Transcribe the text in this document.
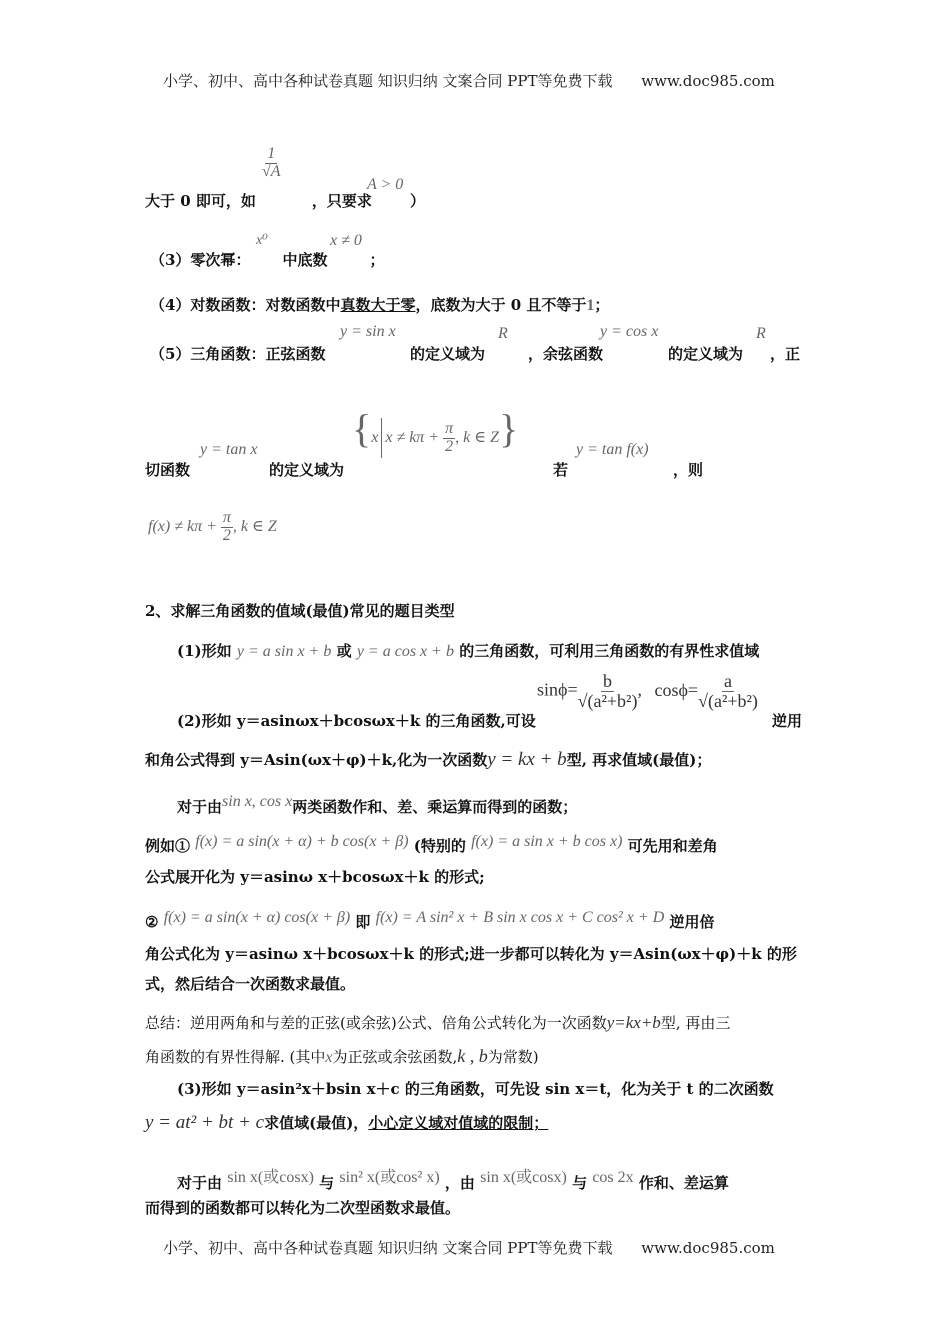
小学、初中、高中各种试卷真题 知识归纳 文案合同 PPT等免费下载 www.doc985.com
$\frac{1}{√A}$
大于 0 即可，如	，只要求
A > 0
）
x⁰	x ≠ 0
（3）零次幂： 中底数	；
（4）对数函数：对数函数中真数大于零，底数为大于 0 且不等于1；
y = sin x	R	y = cos x	R
（5）三角函数：正弦函数	的定义域为	，余弦函数	的定义域为 ，正
{x $x \ne k\pi + \frac{\pi}{2}$ , k ∈ Z}
y = tan x	y = tan f(x)
切函数	的定义域为	若	，则
$f(x) \ne k\pi + \frac{\pi}{2}$ , k ∈ Z
2、求解三角函数的值域(最值)常见的题目类型
(1)形如 y = a sin x + b 或 y = a cos x + b 的三角函数，可利用三角函数的有界性求值域
$\sin\phi= \frac{b}{\text{√(a²+b²)}}$ , $\cos\phi= \frac{a}{\text{√(a²+b²)}}$
(2)形如 y＝asinωx＋bcosωx＋k 的三角函数,可设	逆用
和角公式得到 y＝Asin(ωx＋φ)＋k,化为一次函数y = kx + b型, 再求值域(最值)；
对于由sin x, cos x两类函数作和、差、乘运算而得到的函数；
例如① f(x) = a sin(x + α) + b cos(x + β) (特别的 f(x) = a sin x + b cos x) 可先用和差角
公式展开化为 y＝asinω x＋bcosωx＋k 的形式;
② f(x) = a sin(x + α) cos(x + β) 即 f(x) = A sin² x + B sin x cos x + C cos² x + D 逆用倍
角公式化为 y＝asinω x＋bcosωx＋k 的形式;进一步都可以转化为 y＝Asin(ωx＋φ)＋k 的形
式，然后结合一次函数求最值。
总结：逆用两角和与差的正弦(或余弦)公式、倍角公式转化为一次函数y=kx+b型, 再由三
角函数的有界性得解. (其中x为正弦或余弦函数,k , b为常数)
(3)形如 y＝asin²x＋bsin x＋c 的三角函数，可先设 sin x＝t，化为关于 t 的二次函数
y = at² + bt + c求值域(最值)，小心定义域对值域的限制；
对于由 sin x(或cosx) 与 sin² x(或cos² x) ，由 sin x(或cosx) 与 cos 2x 作和、差运算
而得到的函数都可以转化为二次型函数求最值。
小学、初中、高中各种试卷真题 知识归纳 文案合同 PPT等免费下载 www.doc985.com
